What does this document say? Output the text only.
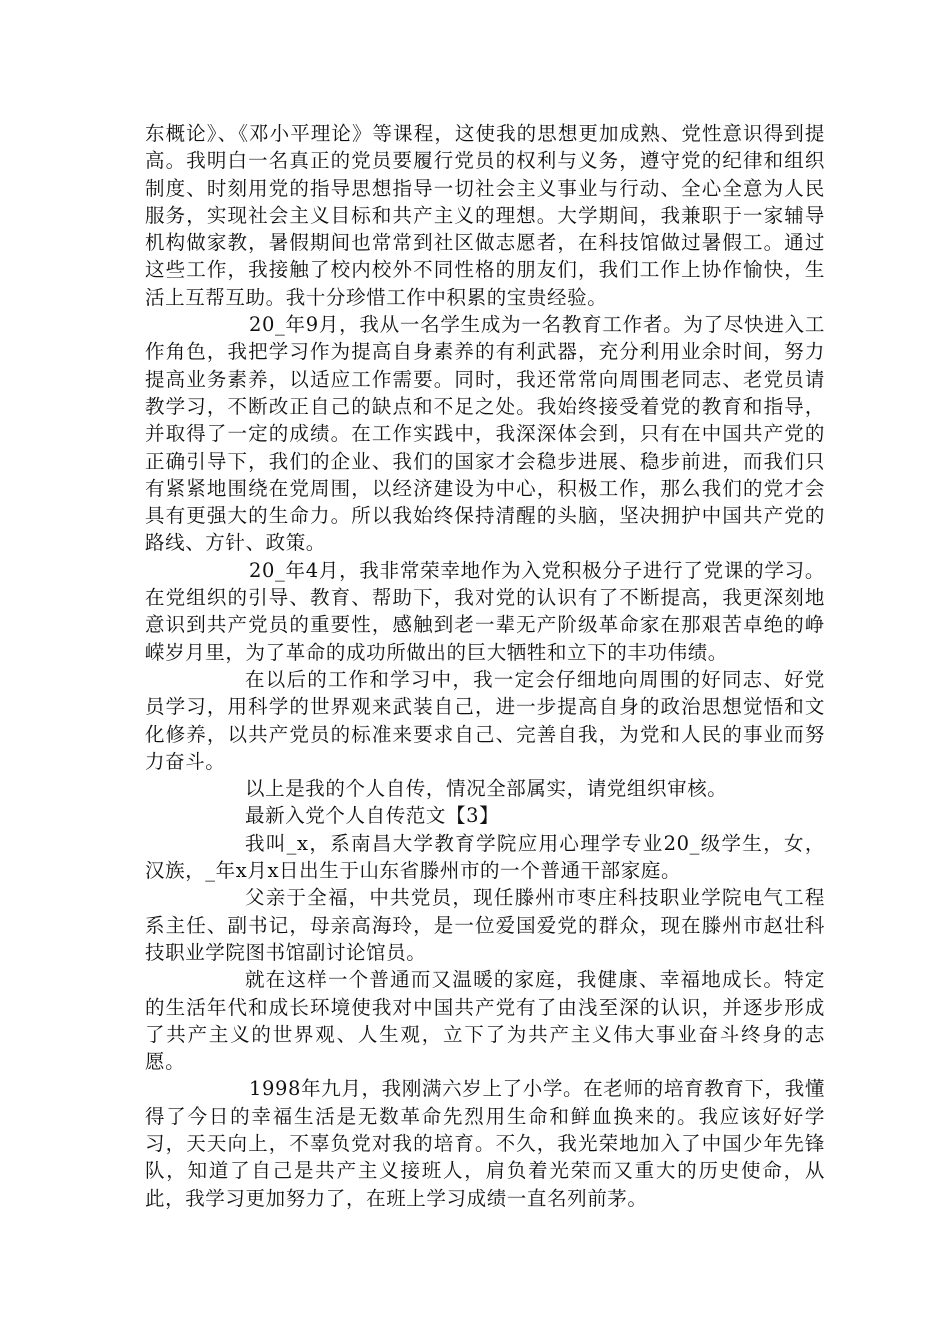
东概论》、《邓小平理论》等课程，这使我的思想更加成熟、党性意识得到提高。我明白一名真正的党员要履行党员的权利与义务，遵守党的纪律和组织制度、时刻用党的指导思想指导一切社会主义事业与行动、全心全意为人民服务，实现社会主义目标和共产主义的理想。大学期间，我兼职于一家辅导机构做家教，暑假期间也常常到社区做志愿者，在科技馆做过暑假工。通过这些工作，我接触了校内校外不同性格的朋友们，我们工作上协作愉快，生活上互帮互助。我十分珍惜工作中积累的宝贵经验。

20_年9月，我从一名学生成为一名教育工作者。为了尽快进入工作角色，我把学习作为提高自身素养的有利武器，充分利用业余时间，努力提高业务素养，以适应工作需要。同时，我还常常向周围老同志、老党员请教学习，不断改正自己的缺点和不足之处。我始终接受着党的教育和指导，并取得了一定的成绩。在工作实践中，我深深体会到，只有在中国共产党的正确引导下，我们的企业、我们的国家才会稳步进展、稳步前进，而我们只有紧紧地围绕在党周围，以经济建设为中心，积极工作，那么我们的党才会具有更强大的生命力。所以我始终保持清醒的头脑，坚决拥护中国共产党的路线、方针、政策。

20_年4月，我非常荣幸地作为入党积极分子进行了党课的学习。在党组织的引导、教育、帮助下，我对党的认识有了不断提高，我更深刻地意识到共产党员的重要性，感触到老一辈无产阶级革命家在那艰苦卓绝的峥嵘岁月里，为了革命的成功所做出的巨大牺牲和立下的丰功伟绩。

在以后的工作和学习中，我一定会仔细地向周围的好同志、好党员学习，用科学的世界观来武装自己，进一步提高自身的政治思想觉悟和文化修养，以共产党员的标准来要求自己、完善自我，为党和人民的事业而努力奋斗。

以上是我的个人自传，情况全部属实，请党组织审核。

最新入党个人自传范文【3】

我叫_x，系南昌大学教育学院应用心理学专业20_级学生，女，汉族，_年x月x日出生于山东省滕州市的一个普通干部家庭。

父亲于全福，中共党员，现任滕州市枣庄科技职业学院电气工程系主任、副书记，母亲高海玲，是一位爱国爱党的群众，现在滕州市赵壮科技职业学院图书馆副讨论馆员。

就在这样一个普通而又温暖的家庭，我健康、幸福地成长。特定的生活年代和成长环境使我对中国共产党有了由浅至深的认识，并逐步形成了共产主义的世界观、人生观，立下了为共产主义伟大事业奋斗终身的志愿。

1998年九月，我刚满六岁上了小学。在老师的培育教育下，我懂得了今日的幸福生活是无数革命先烈用生命和鲜血换来的。我应该好好学习，天天向上，不辜负党对我的培育。不久，我光荣地加入了中国少年先锋队，知道了自己是共产主义接班人，肩负着光荣而又重大的历史使命，从此，我学习更加努力了，在班上学习成绩一直名列前茅。
